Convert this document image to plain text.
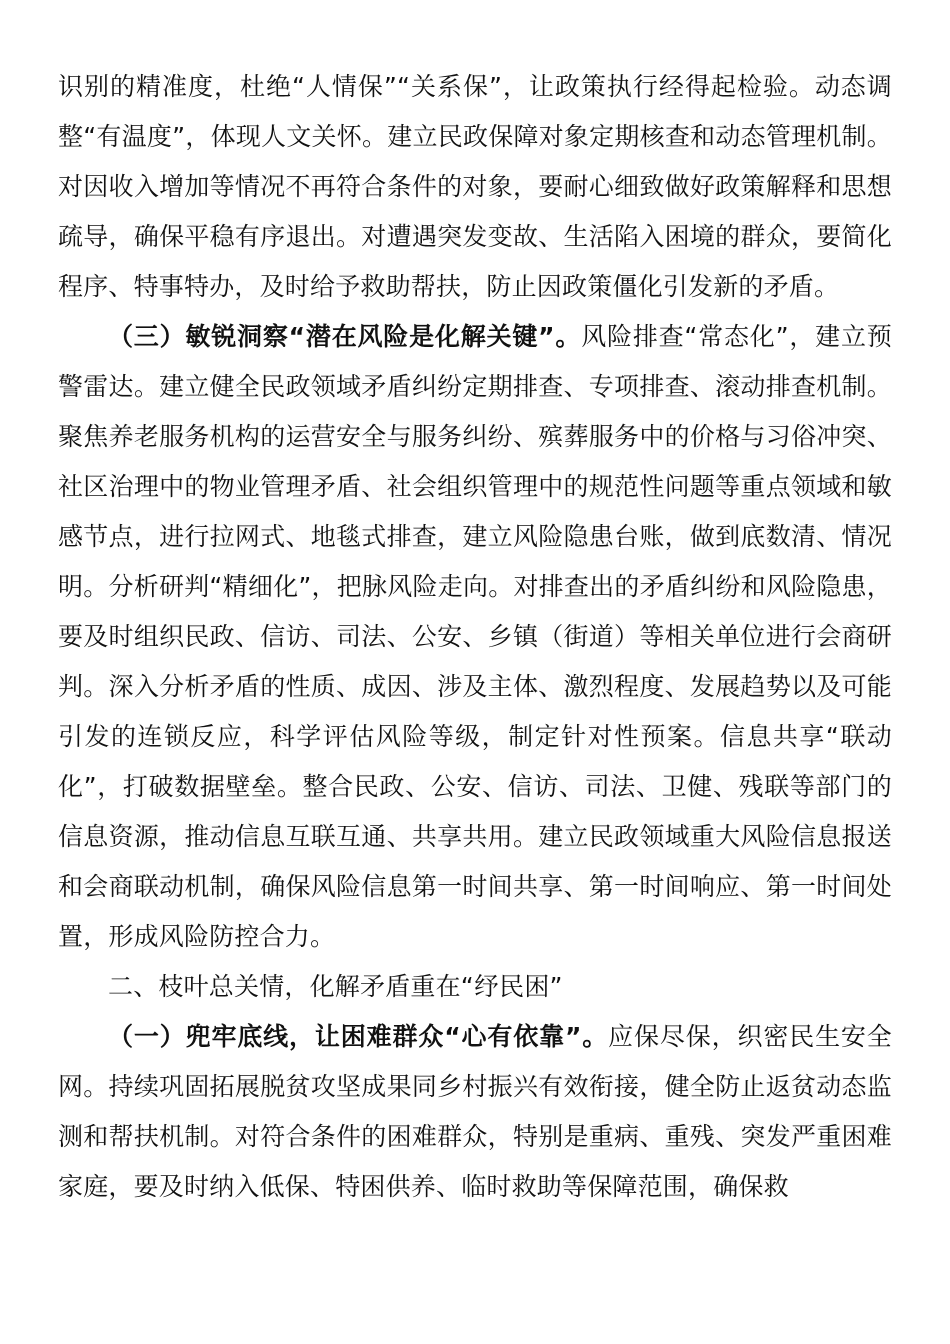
识别的精准度，杜绝“人情保”“关系保”，让政策执行经得起检验。动态调整“有温度”，体现人文关怀。建立民政保障对象定期核查和动态管理机制。对因收入增加等情况不再符合条件的对象，要耐心细致做好政策解释和思想疏导，确保平稳有序退出。对遭遇突发变故、生活陷入困境的群众，要简化程序、特事特办，及时给予救助帮扶，防止因政策僵化引发新的矛盾。

（三）敏锐洞察“潜在风险是化解关键”。风险排查“常态化”，建立预警雷达。建立健全民政领域矛盾纠纷定期排查、专项排查、滚动排查机制。聚焦养老服务机构的运营安全与服务纠纷、殡葬服务中的价格与习俗冲突、社区治理中的物业管理矛盾、社会组织管理中的规范性问题等重点领域和敏感节点，进行拉网式、地毯式排查，建立风险隐患台账，做到底数清、情况明。分析研判“精细化”，把脉风险走向。对排查出的矛盾纠纷和风险隐患，要及时组织民政、信访、司法、公安、乡镇（街道）等相关单位进行会商研判。深入分析矛盾的性质、成因、涉及主体、激烈程度、发展趋势以及可能引发的连锁反应，科学评估风险等级，制定针对性预案。信息共享“联动化”，打破数据壁垒。整合民政、公安、信访、司法、卫健、残联等部门的信息资源，推动信息互联互通、共享共用。建立民政领域重大风险信息报送和会商联动机制，确保风险信息第一时间共享、第一时间响应、第一时间处置，形成风险防控合力。

二、枝叶总关情，化解矛盾重在“纾民困”

（一）兜牢底线，让困难群众“心有依靠”。应保尽保，织密民生安全网。持续巩固拓展脱贫攻坚成果同乡村振兴有效衔接，健全防止返贫动态监测和帮扶机制。对符合条件的困难群众，特别是重病、重残、突发严重困难家庭，要及时纳入低保、特困供养、临时救助等保障范围，确保救
